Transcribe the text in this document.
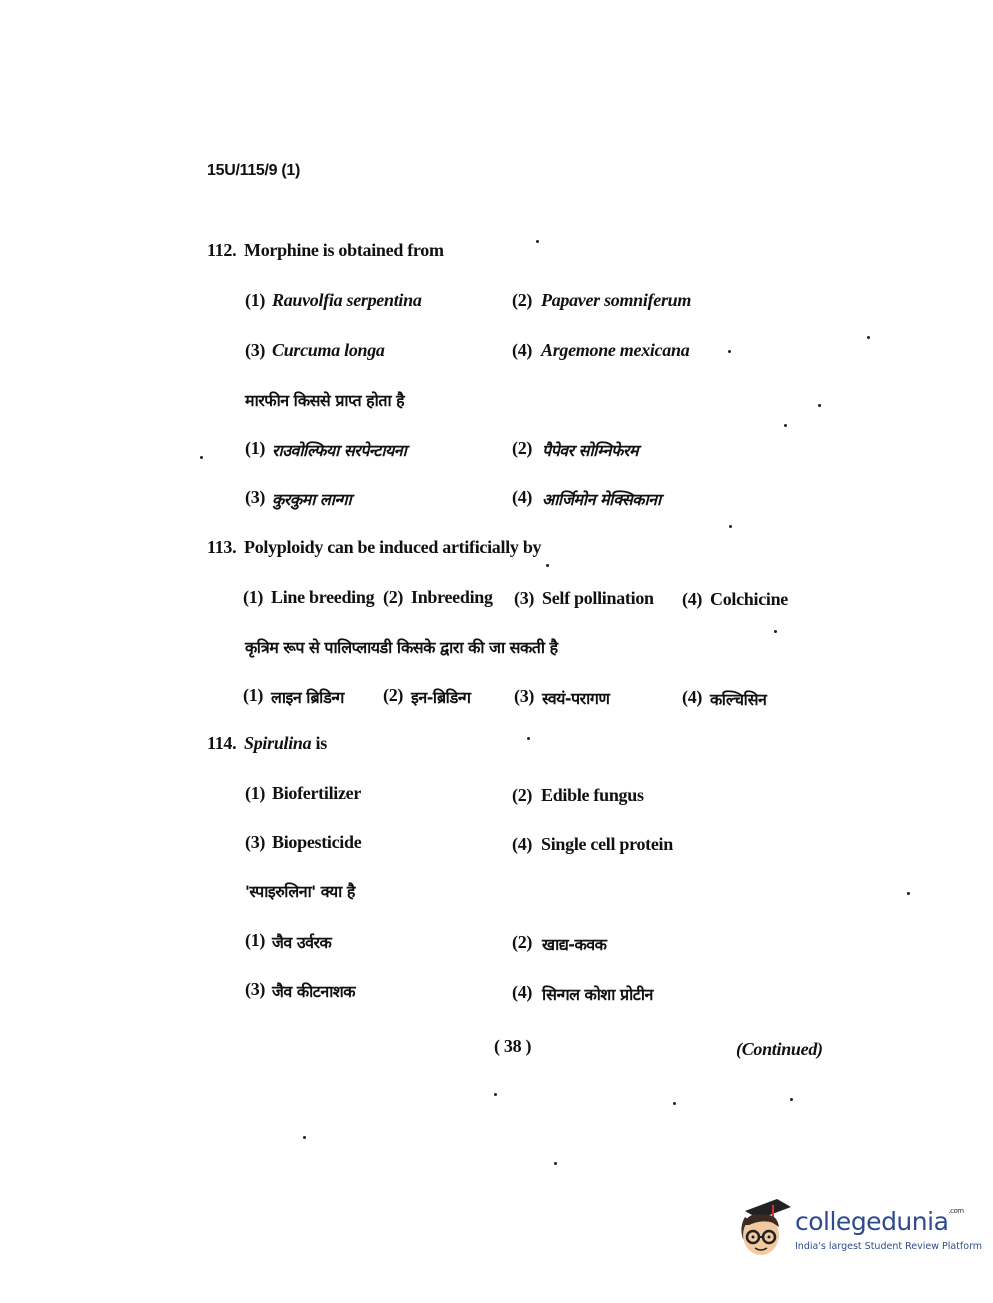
15U/115/9 (1)
112. Morphine is obtained from
(1) Rauvolfia serpentina	(2) Papaver somniferum
(3) Curcuma longa	(4) Argemone mexicana
मारफीन किससे प्राप्त होता है
(1) राउवोल्फिया सरपेन्टायना	(2) पैपेवर सोम्निफेरम
(3) कुरकुमा लान्गा	(4) आर्जिमोन मेक्सिकाना
113. Polyploidy can be induced artificially by
(1) Line breeding (2) Inbreeding (3) Self pollination (4) Colchicine
कृत्रिम रूप से पालिप्लायडी किसके द्वारा की जा सकती है
(1) लाइन ब्रिडिन्ग (2) इन-ब्रिडिन्ग (3) स्वयं-परागण	(4) कल्चिसिन
114. Spirulina is
(1) Biofertilizer	(2) Edible fungus
(3) Biopesticide	(4) Single cell protein
'स्पाइरुलिना' क्या है
(1) जैव उर्वरक	(2) खाद्य-कवक
(3) जैव कीटनाशक	(4) सिन्गल कोशा प्रोटीन
( 38 )	(Continued)
collegedunia$^{.com}$
India's largest Student Review Platform
